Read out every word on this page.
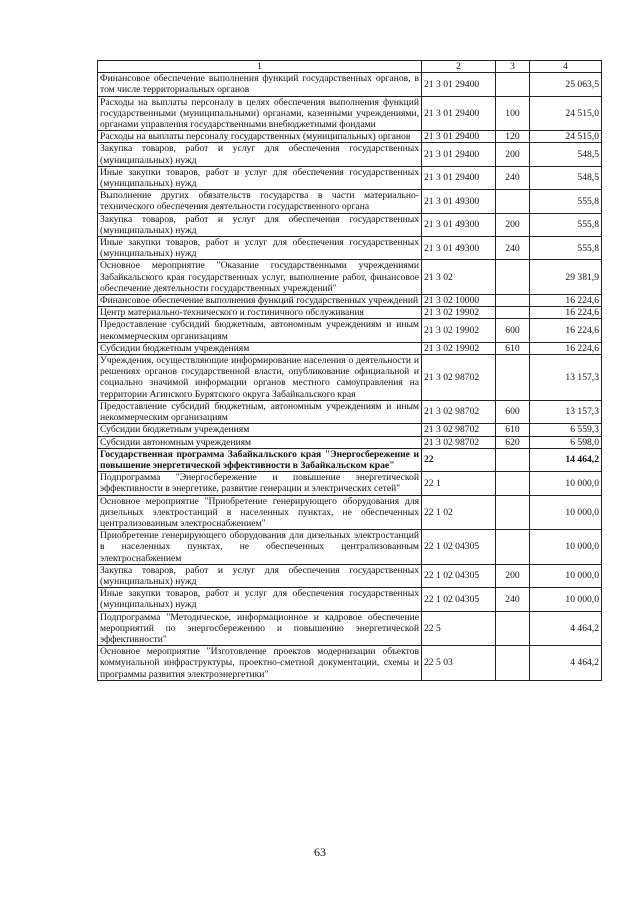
1	2	3	4
Финансовое обеспечение выполнения функций государственных органов, в том числе территориальных органов	21 3 01 29400		25 063,5
Расходы на выплаты персоналу в целях обеспечения выполнения функций государственными (муниципальными) органами, казенными учреждениями, органами управления государственными внебюджетными фондами	21 3 01 29400	100	24 515,0
Расходы на выплаты персоналу государственных (муниципальных) органов	21 3 01 29400	120	24 515,0
Закупка товаров, работ и услуг для обеспечения государственных (муниципальных) нужд	21 3 01 29400	200	548,5
Иные закупки товаров, работ и услуг для обеспечения государственных (муниципальных) нужд	21 3 01 29400	240	548,5
Выполнение других обязательств государства в части материально-технического обеспечения деятельности государственного органа	21 3 01 49300		555,8
Закупка товаров, работ и услуг для обеспечения государственных (муниципальных) нужд	21 3 01 49300	200	555,8
Иные закупки товаров, работ и услуг для обеспечения государственных (муниципальных) нужд	21 3 01 49300	240	555,8
Основное мероприятие "Оказание государственными учреждениями Забайкальского края государственных услуг, выполнение работ, финансовое обеспечение деятельности государственных учреждений"	21 3 02		29 381,9
Финансовое обеспечение выполнения функций государственных учреждений	21 3 02 10000		16 224,6
Центр материально-технического и гостиничного обслуживания	21 3 02 19902		16 224,6
Предоставление субсидий бюджетным, автономным учреждениям и иным некоммерческим организациям	21 3 02 19902	600	16 224,6
Субсидии бюджетным учреждениям	21 3 02 19902	610	16 224,6
Учреждения, осуществляющие информирование населения о деятельности и решениях органов государственной власти, опубликование официальной и социально значимой информации органов местного самоуправления на территории Агинского Бурятского округа Забайкальского края	21 3 02 98702		13 157,3
Предоставление субсидий бюджетным, автономным учреждениям и иным некоммерческим организациям	21 3 02 98702	600	13 157,3
Субсидии бюджетным учреждениям	21 3 02 98702	610	6 559,3
Субсидии автономным учреждениям	21 3 02 98702	620	6 598,0
Государственная программа Забайкальского края "Энергосбережение и повышение энергетической эффективности в Забайкальском крае"	22		14 464,2
Подпрограмма "Энергосбережение и повышение энергетической эффективности в энергетике, развитие генерации и электрических сетей"	22 1		10 000,0
Основное мероприятие "Приобретение генерирующего оборудования для дизельных электростанций в населенных пунктах, не обеспеченных централизованным электроснабжением"	22 1 02		10 000,0
Приобретение генерирующего оборудования для дизельных электростанций в населенных пунктах, не обеспеченных централизованным электроснабжением	22 1 02 04305		10 000,0
Закупка товаров, работ и услуг для обеспечения государственных (муниципальных) нужд	22 1 02 04305	200	10 000,0
Иные закупки товаров, работ и услуг для обеспечения государственных (муниципальных) нужд	22 1 02 04305	240	10 000,0
Подпрограмма "Методическое, информационное и кадровое обеспечение мероприятий по энергосбережению и повышению энергетической эффективности"	22 5		4 464,2
Основное мероприятие "Изготовление проектов модернизации объектов коммунальной инфраструктуры, проектно-сметной документации, схемы и программы развития электроэнергетики"	22 5 03		4 464,2
63
